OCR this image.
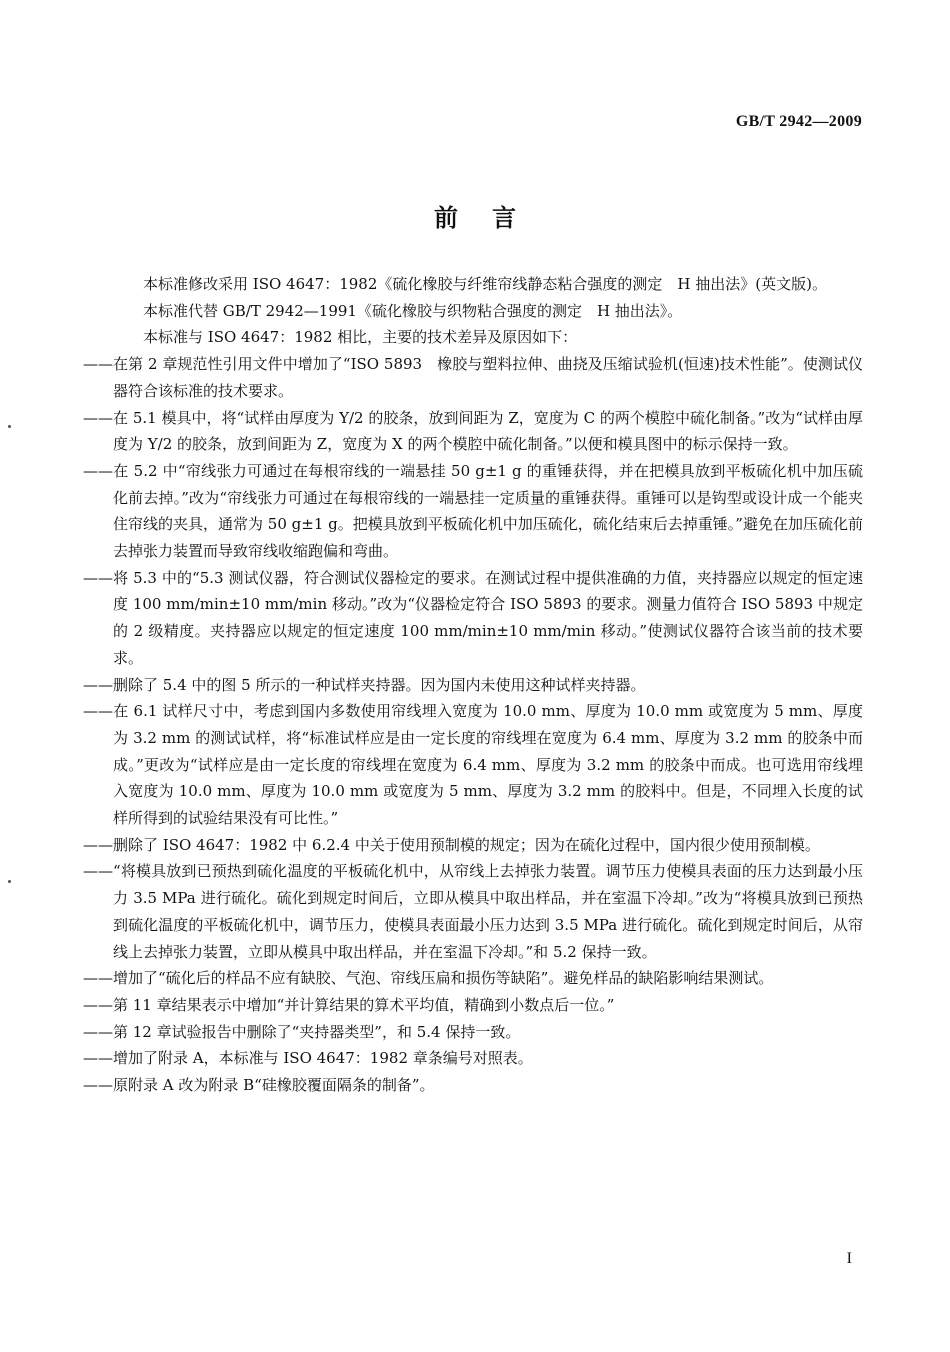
GB/T 2942—2009
前言

本标准修改采用 ISO 4647：1982《硫化橡胶与纤维帘线静态粘合强度的测定　H 抽出法》(英文版)。

本标准代替 GB/T 2942—1991《硫化橡胶与织物粘合强度的测定　H 抽出法》。

本标准与 ISO 4647：1982 相比，主要的技术差异及原因如下：

——在第 2 章规范性引用文件中增加了“ISO 5893　橡胶与塑料拉伸、曲挠及压缩试验机(恒速)技术性能”。使测试仪器符合该标准的技术要求。

——在 5.1 模具中，将“试样由厚度为 Y/2 的胶条，放到间距为 Z，宽度为 C 的两个模腔中硫化制备。”改为“试样由厚度为 Y/2 的胶条，放到间距为 Z，宽度为 X 的两个模腔中硫化制备。”以便和模具图中的标示保持一致。

——在 5.2 中“帘线张力可通过在每根帘线的一端悬挂 50 g±1 g 的重锤获得，并在把模具放到平板硫化机中加压硫化前去掉。”改为“帘线张力可通过在每根帘线的一端悬挂一定质量的重锤获得。重锤可以是钩型或设计成一个能夹住帘线的夹具，通常为 50 g±1 g。把模具放到平板硫化机中加压硫化，硫化结束后去掉重锤。”避免在加压硫化前去掉张力装置而导致帘线收缩跑偏和弯曲。

——将 5.3 中的“5.3 测试仪器，符合测试仪器检定的要求。在测试过程中提供准确的力值，夹持器应以规定的恒定速度 100 mm/min±10 mm/min 移动。”改为“仪器检定符合 ISO 5893 的要求。测量力值符合 ISO 5893 中规定的 2 级精度。夹持器应以规定的恒定速度 100 mm/min±10 mm/min 移动。”使测试仪器符合该当前的技术要求。

——删除了 5.4 中的图 5 所示的一种试样夹持器。因为国内未使用这种试样夹持器。

——在 6.1 试样尺寸中，考虑到国内多数使用帘线埋入宽度为 10.0 mm、厚度为 10.0 mm 或宽度为 5 mm、厚度为 3.2 mm 的测试试样，将“标准试样应是由一定长度的帘线埋在宽度为 6.4 mm、厚度为 3.2 mm 的胶条中而成。”更改为“试样应是由一定长度的帘线埋在宽度为 6.4 mm、厚度为 3.2 mm 的胶条中而成。也可选用帘线埋入宽度为 10.0 mm、厚度为 10.0 mm 或宽度为 5 mm、厚度为 3.2 mm 的胶料中。但是，不同埋入长度的试样所得到的试验结果没有可比性。”

——删除了 ISO 4647：1982 中 6.2.4 中关于使用预制模的规定；因为在硫化过程中，国内很少使用预制模。

——“将模具放到已预热到硫化温度的平板硫化机中，从帘线上去掉张力装置。调节压力使模具表面的压力达到最小压力 3.5 MPa 进行硫化。硫化到规定时间后，立即从模具中取出样品，并在室温下冷却。”改为“将模具放到已预热到硫化温度的平板硫化机中，调节压力，使模具表面最小压力达到 3.5 MPa 进行硫化。硫化到规定时间后，从帘线上去掉张力装置，立即从模具中取出样品，并在室温下冷却。”和 5.2 保持一致。

——增加了“硫化后的样品不应有缺胶、气泡、帘线压扁和损伤等缺陷”。避免样品的缺陷影响结果测试。

——第 11 章结果表示中增加“并计算结果的算术平均值，精确到小数点后一位。”

——第 12 章试验报告中删除了“夹持器类型”，和 5.4 保持一致。

——增加了附录 A，本标准与 ISO 4647：1982 章条编号对照表。

——原附录 A 改为附录 B“硅橡胶覆面隔条的制备”。

I
